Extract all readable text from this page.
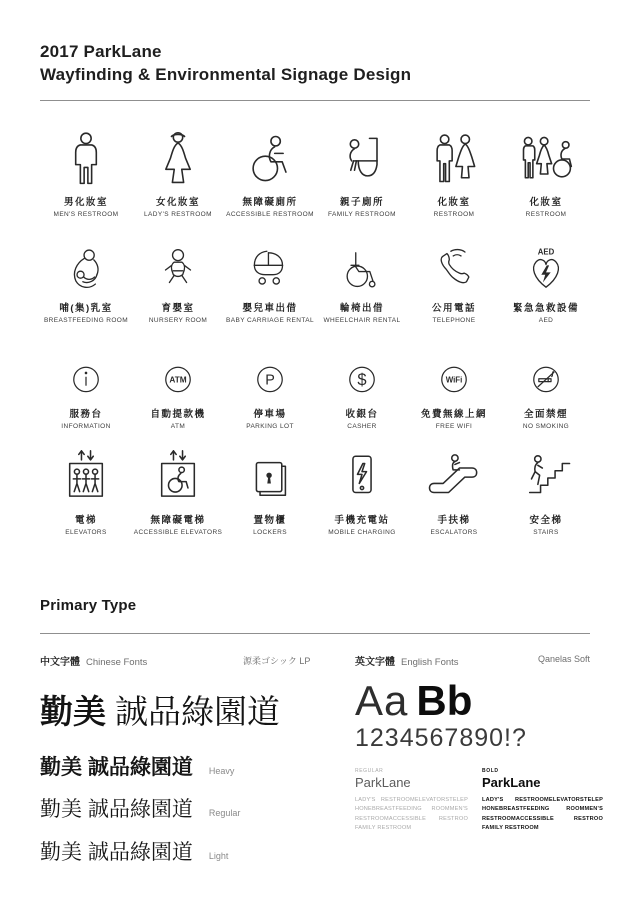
2017 ParkLane
Wayfinding & Environmental Signage Design
男化妝室
MEN'S RESTROOM
女化妝室
LADY'S RESTROOM
無障礙廁所
ACCESSIBLE RESTROOM
親子廁所
FAMILY RESTROOM
化妝室
RESTROOM
化妝室
RESTROOM
哺(集)乳室
BREASTFEEDING ROOM
育嬰室
NURSERY ROOM
嬰兒車出借
BABY CARRIAGE RENTAL
輪椅出借
WHEELCHAIR RENTAL
公用電話
TELEPHONE
AED
緊急急救設備
AED
服務台
INFORMATION
ATM
自動提款機
ATM
P
停車場
PARKING LOT
$
收銀台
CASHER
WiFi
免費無線上網
FREE WIFI
全面禁煙
NO SMOKING
電梯
ELEVATORS
無障礙電梯
ACCESSIBLE ELEVATORS
置物櫃
LOCKERS
手機充電站
MOBILE CHARGING
手扶梯
ESCALATORS
安全梯
STAIRS
Primary Type
中文字體 Chinese Fonts	源柔ゴシック LP	英文字體 English Fonts	Qanelas Soft
勤美 誠品綠園道
勤美 誠品綠園道 Heavy
勤美 誠品綠園道 Regular
勤美 誠品綠園道 Light
Aa Bb
1234567890!?
REGULAR
ParkLane
LADY'S RESTROOMELEVATORSTELEP
HONEBREASTFEEDING ROOMMEN'S
RESTROOMACCESSIBLE RESTROO
FAMILY RESTROOM
BOLD
ParkLane
LADY'S RESTROOMELEVATORSTELEP
HONEBREASTFEEDING ROOMMEN'S
RESTROOMACCESSIBLE RESTROO
FAMILY RESTROOM
